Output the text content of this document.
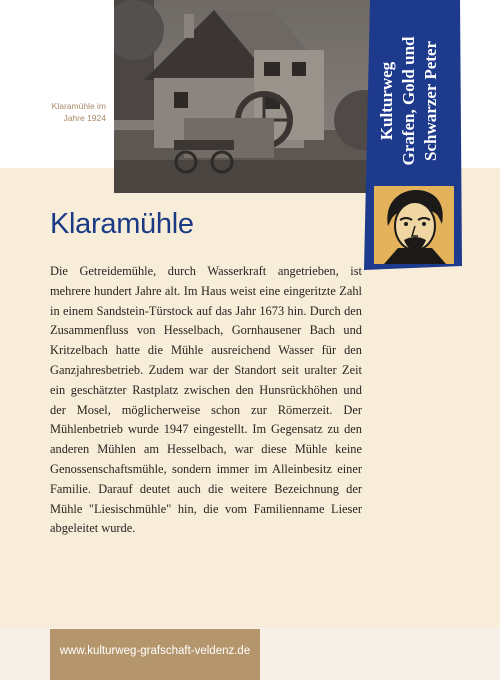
Klaramühle im
Jahre 1924	Kulturweg Grafen, Gold und Schwarzer Peter
Klaramühle

Die Getreidemühle, durch Wasserkraft angetrieben, ist mehrere hundert Jahre alt. Im Haus weist eine eingeritzte Zahl in einem Sandstein-Türstock auf das Jahr 1673 hin. Durch den Zusammenfluss von Hesselbach, Gornhausener Bach und Kritzelbach hatte die Mühle ausreichend Wasser für den Ganzjahresbetrieb. Zudem war der Standort seit uralter Zeit ein geschätzter Rastplatz zwischen den Hunsrückhöhen und der Mosel, möglicherweise schon zur Römerzeit. Der Mühlenbetrieb wurde 1947 eingestellt. Im Gegensatz zu den anderen Mühlen am Hesselbach, war diese Mühle keine Genossenschaftsmühle, sondern immer im Alleinbesitz einer Familie. Darauf deutet auch die weitere Bezeichnung der Mühle "Liesischmühle" hin, die vom Familienname Lieser abgeleitet wurde.

www.kulturweg-grafschaft-veldenz.de
